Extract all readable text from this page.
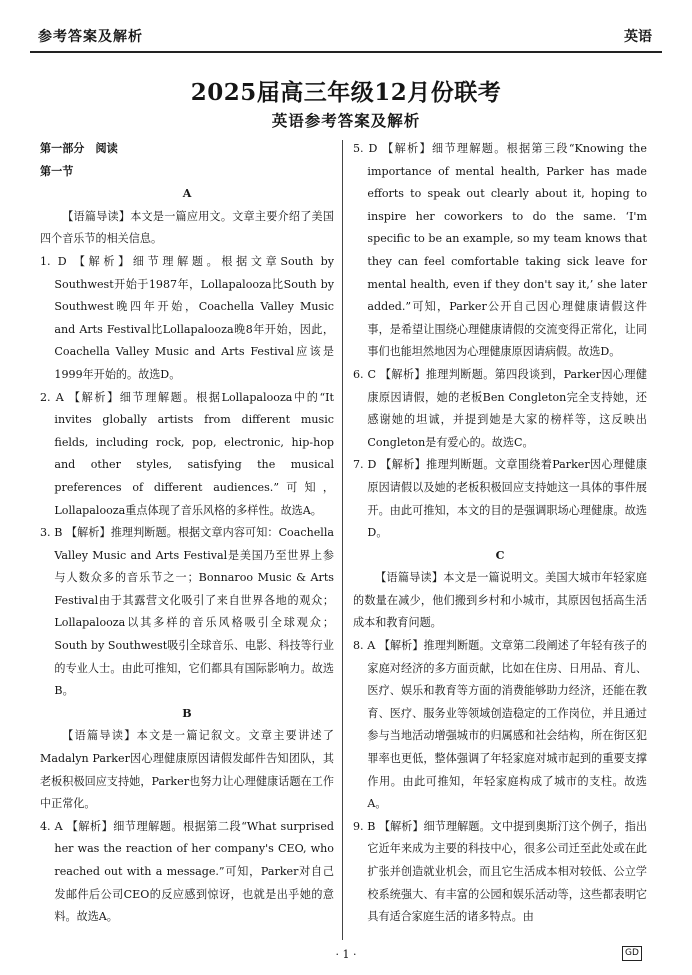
参考答案及解析	英语
2025届高三年级12月份联考
英语参考答案及解析

第一部分　阅读

第一节

A

【语篇导读】本文是一篇应用文。文章主要介绍了美国四个音乐节的相关信息。

1. D 【解析】细节理解题。根据文章South by Southwest开始于1987年，Lollapalooza比South by Southwest晚四年开始，Coachella Valley Music and Arts Festival比Lollapalooza晚8年开始，因此，Coachella Valley Music and Arts Festival应该是1999年开始的。故选D。

2. A 【解析】细节理解题。根据Lollapalooza中的“It invites globally artists from different music fields, including rock, pop, electronic, hip-hop and other styles, satisfying the musical preferences of different audiences.”可知，Lollapalooza重点体现了音乐风格的多样性。故选A。

3. B 【解析】推理判断题。根据文章内容可知：Coachella Valley Music and Arts Festival是美国乃至世界上参与人数众多的音乐节之一；Bonnaroo Music & Arts Festival由于其露营文化吸引了来自世界各地的观众；Lollapalooza以其多样的音乐风格吸引全球观众；South by Southwest吸引全球音乐、电影、科技等行业的专业人士。由此可推知，它们都具有国际影响力。故选B。

B

【语篇导读】本文是一篇记叙文。文章主要讲述了Madalyn Parker因心理健康原因请假发邮件告知团队，其老板积极回应支持她，Parker也努力让心理健康话题在工作中正常化。

4. A 【解析】细节理解题。根据第二段“What surprised her was the reaction of her company's CEO, who reached out with a message.”可知，Parker对自己发邮件后公司CEO的反应感到惊讶，也就是出乎她的意料。故选A。

5. D 【解析】细节理解题。根据第三段“Knowing the importance of mental health, Parker has made efforts to speak out clearly about it, hoping to inspire her coworkers to do the same. ‘I'm specific to be an example, so my team knows that they can feel comfortable taking sick leave for mental health, even if they don't say it,’ she later added.”可知，Parker公开自己因心理健康请假这件事，是希望让围绕心理健康请假的交流变得正常化，让同事们也能坦然地因为心理健康原因请病假。故选D。

6. C 【解析】推理判断题。第四段谈到，Parker因心理健康原因请假，她的老板Ben Congleton完全支持她，还感谢她的坦诚，并提到她是大家的榜样等，这反映出Congleton是有爱心的。故选C。

7. D 【解析】推理判断题。文章围绕着Parker因心理健康原因请假以及她的老板积极回应支持她这一具体的事件展开。由此可推知，本文的目的是强调职场心理健康。故选D。

C

【语篇导读】本文是一篇说明文。美国大城市年轻家庭的数量在减少，他们搬到乡村和小城市，其原因包括高生活成本和教育问题。

8. A 【解析】推理判断题。文章第二段阐述了年轻有孩子的家庭对经济的多方面贡献，比如在住房、日用品、育儿、医疗、娱乐和教育等方面的消费能够助力经济，还能在教育、医疗、服务业等领域创造稳定的工作岗位，并且通过参与当地活动增强城市的归属感和社会结构，所在街区犯罪率也更低，整体强调了年轻家庭对城市起到的重要支撑作用。由此可推知，年轻家庭构成了城市的支柱。故选A。

9. B 【解析】细节理解题。文中提到奥斯汀这个例子，指出它近年来成为主要的科技中心，很多公司迁至此处或在此扩张并创造就业机会，而且它生活成本相对较低、公立学校系统强大、有丰富的公园和娱乐活动等，这些都表明它具有适合家庭生活的诸多特点。由

· 1 ·	GD
